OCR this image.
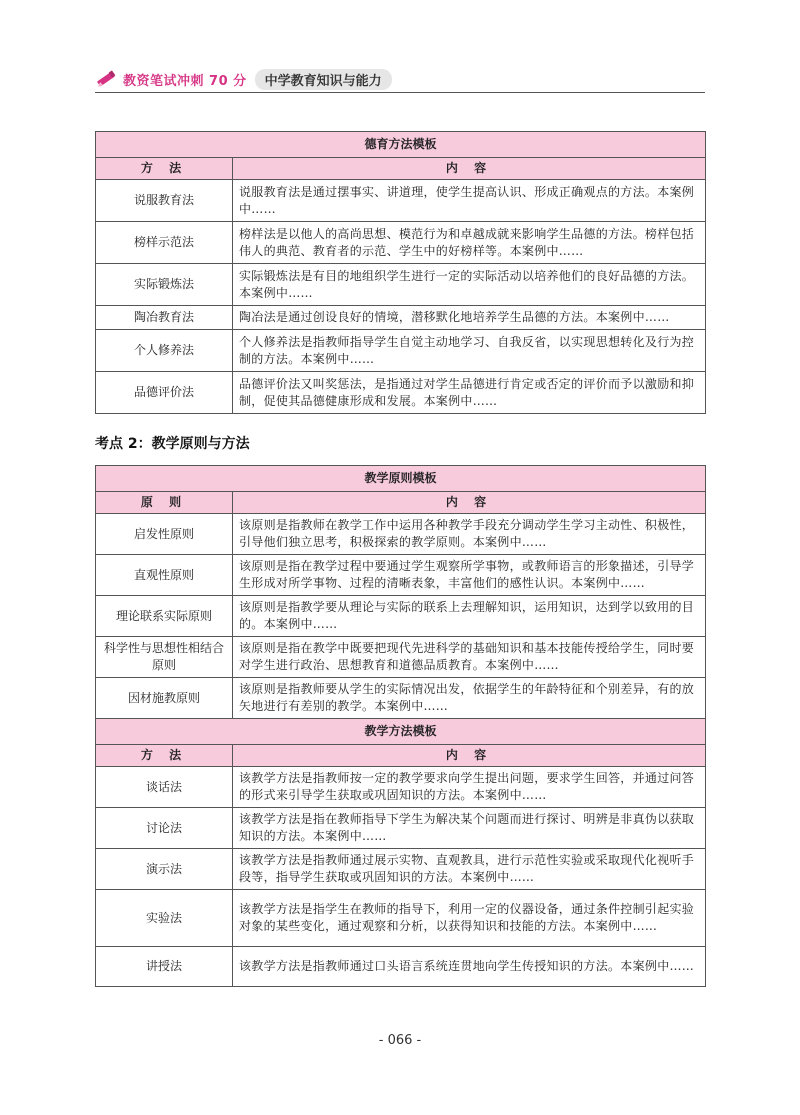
教资笔试冲刺 70 分	中学教育知识与能力
德育方法模板	
方 法	内 容
说服教育法	说服教育法是通过摆事实、讲道理，使学生提高认识、形成正确观点的方法。本案例中……
榜样示范法	榜样法是以他人的高尚思想、模范行为和卓越成就来影响学生品德的方法。榜样包括伟人的典范、教育者的示范、学生中的好榜样等。本案例中……
实际锻炼法	实际锻炼法是有目的地组织学生进行一定的实际活动以培养他们的良好品德的方法。本案例中……
陶冶教育法	陶冶法是通过创设良好的情境，潜移默化地培养学生品德的方法。本案例中……
个人修养法	个人修养法是指教师指导学生自觉主动地学习、自我反省，以实现思想转化及行为控制的方法。本案例中……
品德评价法	品德评价法又叫奖惩法，是指通过对学生品德进行肯定或否定的评价而予以激励和抑制，促使其品德健康形成和发展。本案例中……
考点 2：教学原则与方法
教学原则模板	
原 则	内 容
启发性原则	该原则是指教师在教学工作中运用各种教学手段充分调动学生学习主动性、积极性，引导他们独立思考，积极探索的教学原则。本案例中……
直观性原则	该原则是指在教学过程中要通过学生观察所学事物，或教师语言的形象描述，引导学生形成对所学事物、过程的清晰表象，丰富他们的感性认识。本案例中……
理论联系实际原则	该原则是指教学要从理论与实际的联系上去理解知识，运用知识，达到学以致用的目的。本案例中……
科学性与思想性相结合原则	该原则是指在教学中既要把现代先进科学的基础知识和基本技能传授给学生，同时要对学生进行政治、思想教育和道德品质教育。本案例中……
因材施教原则	该原则是指教师要从学生的实际情况出发，依据学生的年龄特征和个别差异，有的放矢地进行有差别的教学。本案例中……
教学方法模板	
方 法	内 容
谈话法	该教学方法是指教师按一定的教学要求向学生提出问题，要求学生回答，并通过问答的形式来引导学生获取或巩固知识的方法。本案例中……
讨论法	该教学方法是指在教师指导下学生为解决某个问题而进行探讨、明辨是非真伪以获取知识的方法。本案例中……
演示法	该教学方法是指教师通过展示实物、直观教具，进行示范性实验或采取现代化视听手段等，指导学生获取或巩固知识的方法。本案例中……
实验法	该教学方法是指学生在教师的指导下，利用一定的仪器设备，通过条件控制引起实验对象的某些变化，通过观察和分析，以获得知识和技能的方法。本案例中……
讲授法	该教学方法是指教师通过口头语言系统连贯地向学生传授知识的方法。本案例中……
- 066 -
